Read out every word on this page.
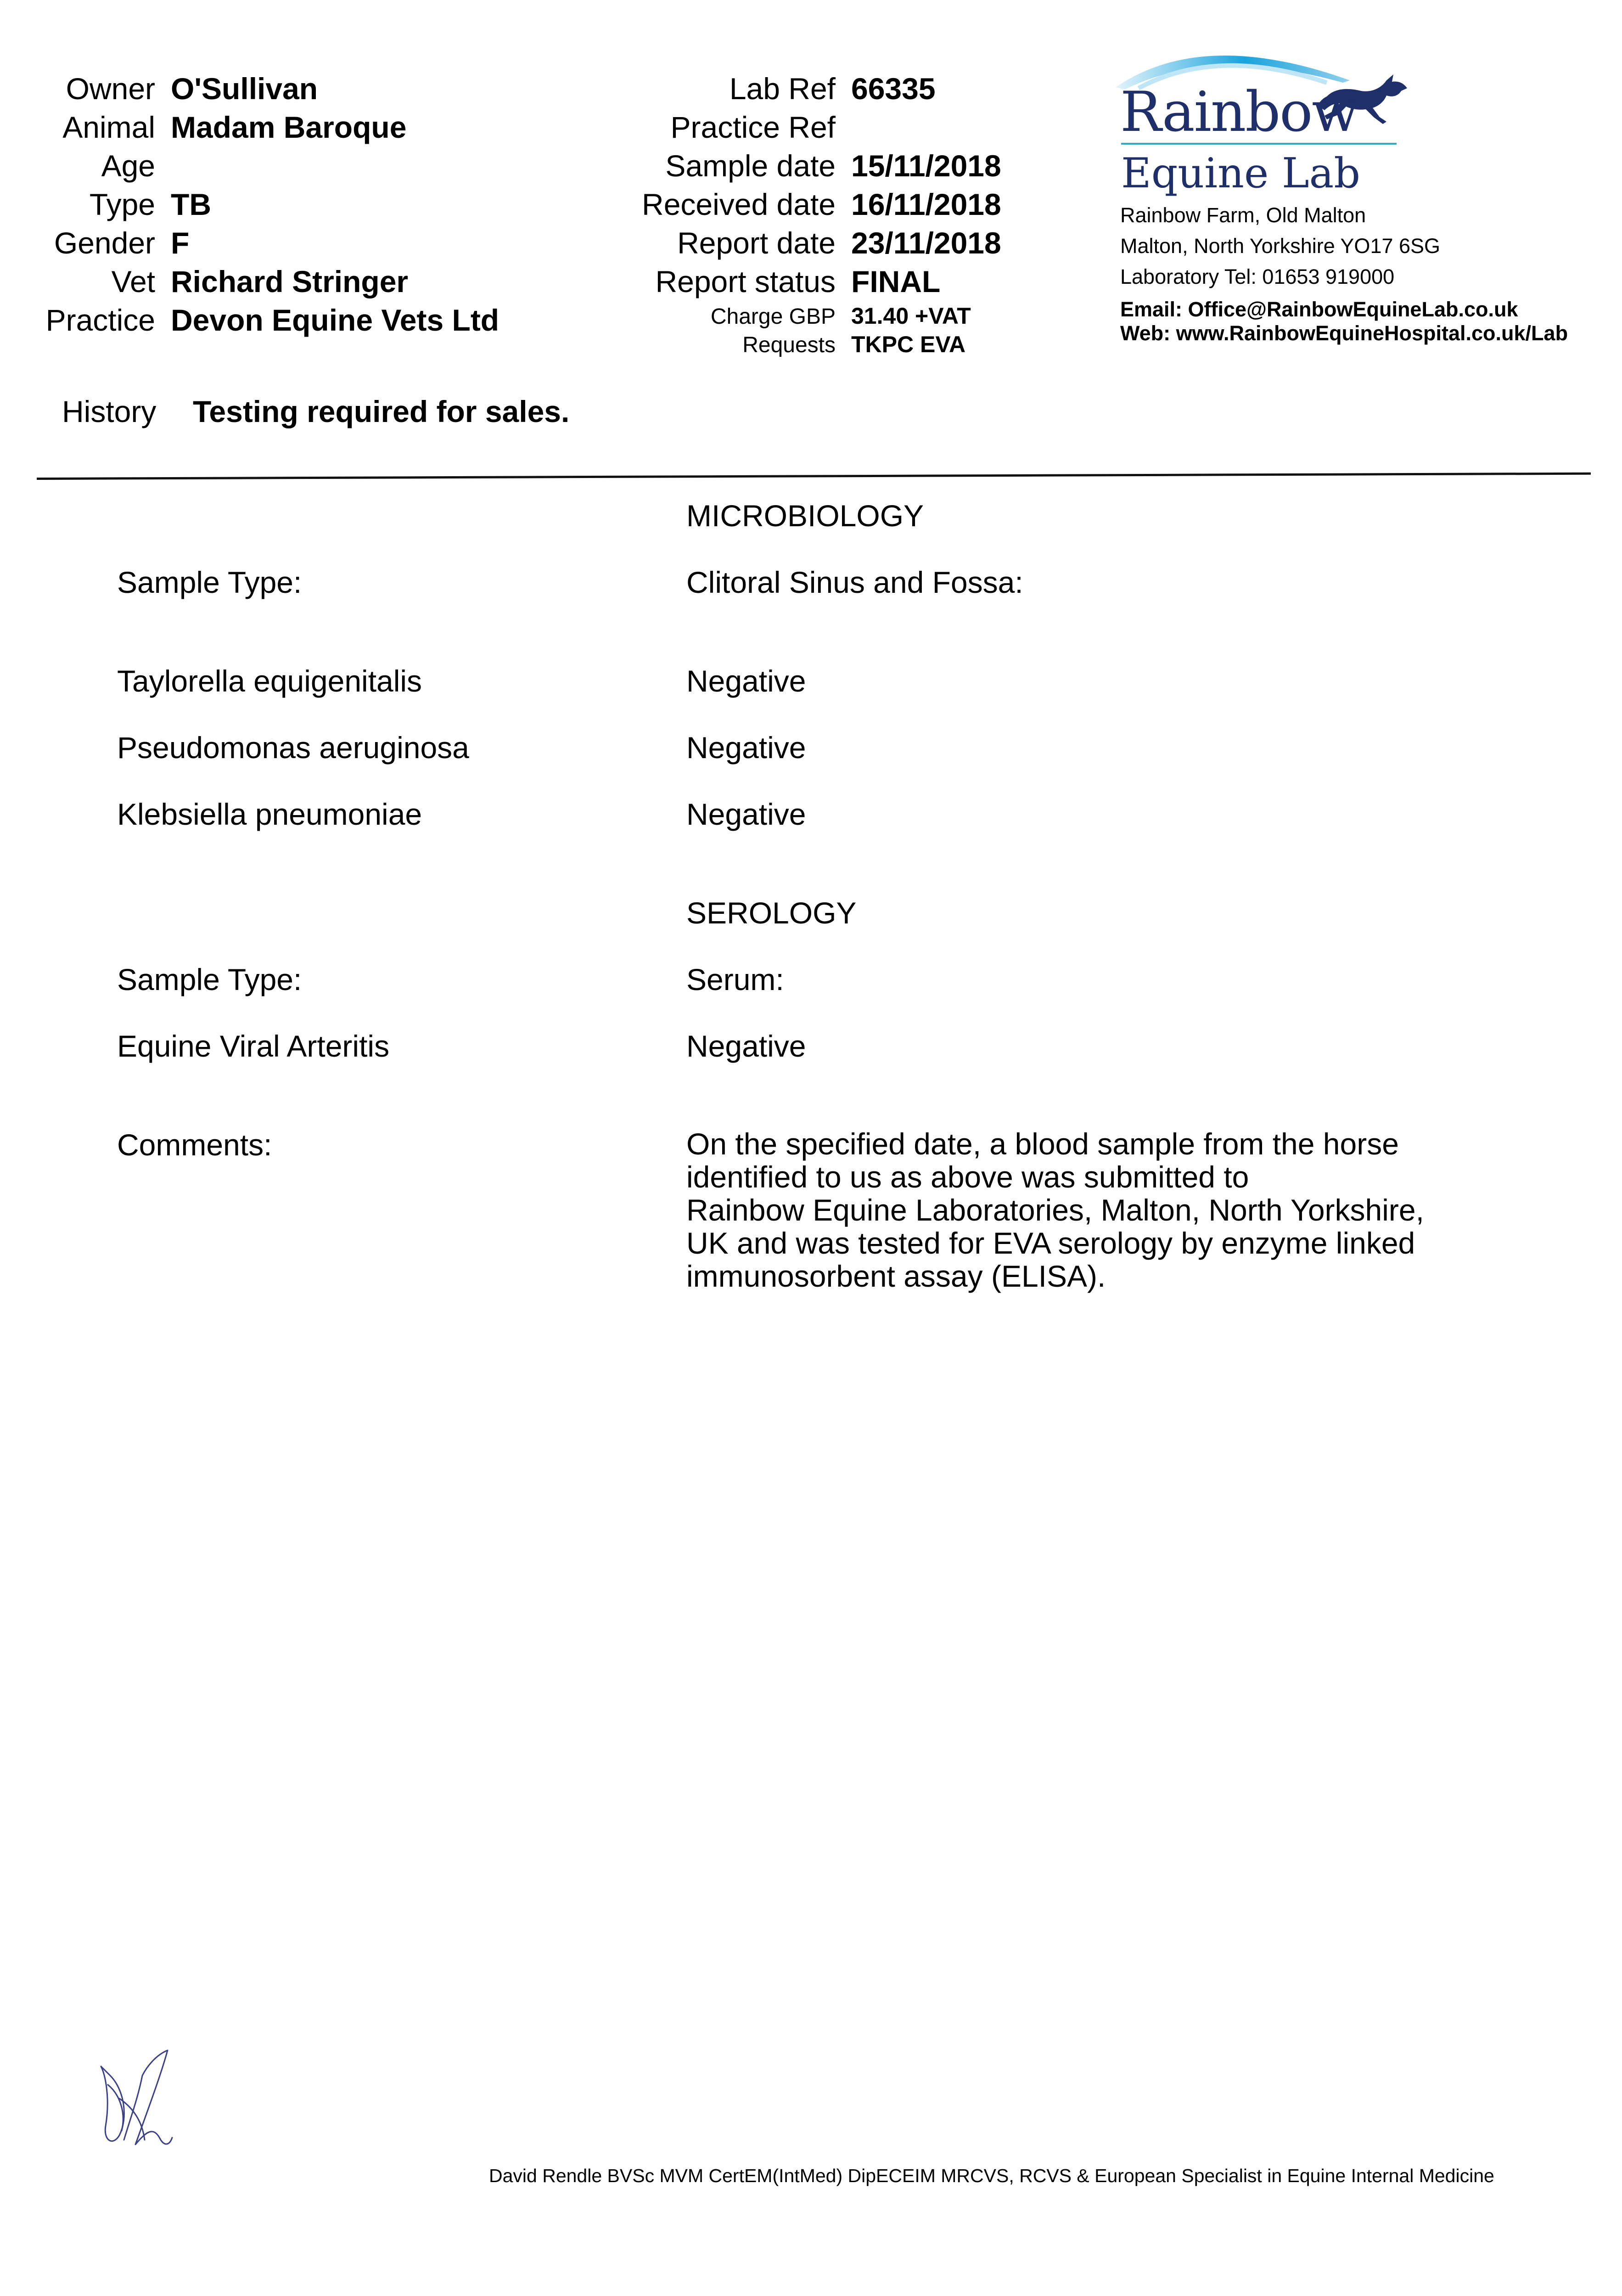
Owner O'Sullivan
Animal Madam Baroque
Age
Type TB
Gender F
Vet Richard Stringer
Practice Devon Equine Vets Ltd
Lab Ref 66335
Practice Ref
Sample date 15/11/2018
Received date 16/11/2018
Report date 23/11/2018
Report status FINAL
Charge GBP 31.40 +VAT
Requests TKPC EVA
Rainbow
Equine Lab
Rainbow Farm, Old Malton
Malton, North Yorkshire YO17 6SG
Laboratory Tel: 01653 919000
Email: Office@RainbowEquineLab.co.uk
Web: www.RainbowEquineHospital.co.uk/Lab
History Testing required for sales.
MICROBIOLOGY
Sample Type:	Clitoral Sinus and Fossa:
Taylorella equigenitalis	Negative
Pseudomonas aeruginosa	Negative
Klebsiella pneumoniae	Negative
SEROLOGY
Sample Type:	Serum:
Equine Viral Arteritis	Negative
Comments:	On the specified date, a blood sample from the horse
identified to us as above was submitted to
Rainbow Equine Laboratories, Malton, North Yorkshire,
UK and was tested for EVA serology by enzyme linked
immunosorbent assay (ELISA).
David Rendle BVSc MVM CertEM(IntMed) DipECEIM MRCVS, RCVS & European Specialist in Equine Internal Medicine
